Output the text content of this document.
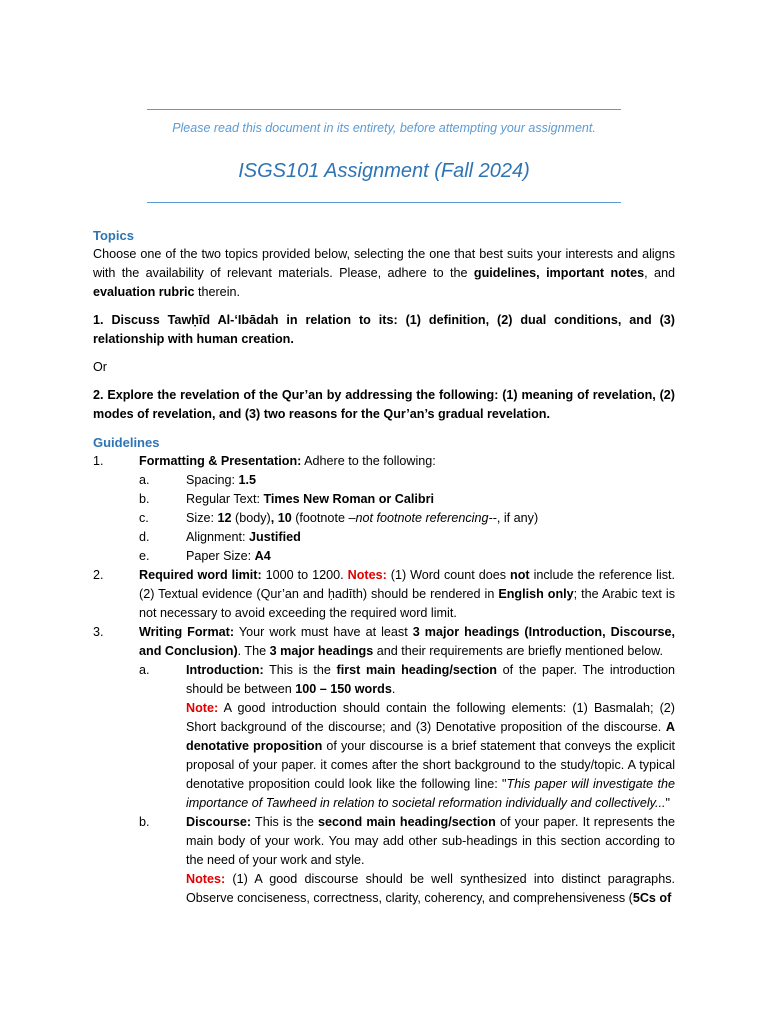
Please read this document in its entirety, before attempting your assignment.
ISGS101 Assignment (Fall 2024)

Topics

Choose one of the two topics provided below, selecting the one that best suits your interests and aligns with the availability of relevant materials. Please, adhere to the guidelines, important notes, and evaluation rubric therein.

1. Discuss Tawḥīd Al-‘Ibādah in relation to its: (1) definition, (2) dual conditions, and (3) relationship with human creation.

Or

2. Explore the revelation of the Qur’an by addressing the following: (1) meaning of revelation, (2) modes of revelation, and (3) two reasons for the Qur’an’s gradual revelation.

Guidelines

1.	Formatting & Presentation: Adhere to the following:
a.	Spacing: 1.5
b.	Regular Text: Times New Roman or Calibri
c.	Size: 12 (body), 10 (footnote –not footnote referencing--, if any)
d.	Alignment: Justified
e.	Paper Size: A4
2.	Required word limit: 1000 to 1200. Notes: (1) Word count does not include the reference list. (2) Textual evidence (Qur’an and ḥadīth) should be rendered in English only; the Arabic text is not necessary to avoid exceeding the required word limit.
3.	Writing Format: Your work must have at least 3 major headings (Introduction, Discourse, and Conclusion). The 3 major headings and their requirements are briefly mentioned below.
a.	Introduction: This is the first main heading/section of the paper. The introduction should be between 100 – 150 words.
Note: A good introduction should contain the following elements: (1) Basmalah; (2) Short background of the discourse; and (3) Denotative proposition of the discourse. A denotative proposition of your discourse is a brief statement that conveys the explicit proposal of your paper. it comes after the short background to the study/topic. A typical denotative proposition could look like the following line: "This paper will investigate the importance of Tawheed in relation to societal reformation individually and collectively..."
b.	Discourse: This is the second main heading/section of your paper. It represents the main body of your work. You may add other sub-headings in this section according to the need of your work and style.
Notes: (1) A good discourse should be well synthesized into distinct paragraphs. Observe conciseness, correctness, clarity, coherency, and comprehensiveness (5Cs of
